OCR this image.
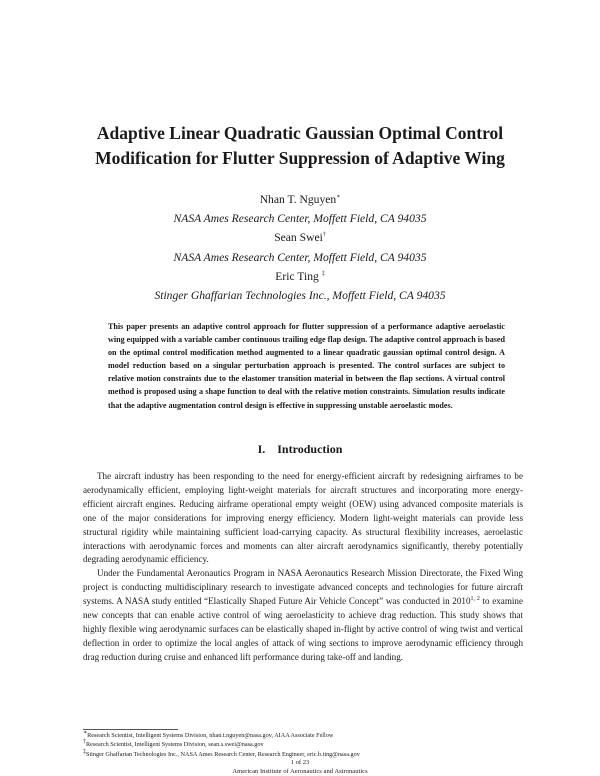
Adaptive Linear Quadratic Gaussian Optimal Control
Modification for Flutter Suppression of Adaptive Wing
Nhan T. Nguyen∗
NASA Ames Research Center, Moffett Field, CA 94035
Sean Swei†
NASA Ames Research Center, Moffett Field, CA 94035
Eric Ting ‡
Stinger Ghaffarian Technologies Inc., Moffett Field, CA 94035
This paper presents an adaptive control approach for flutter suppression of a performance adaptive aeroelastic wing equipped with a variable camber continuous trailing edge flap design. The adaptive control approach is based on the optimal control modification method augmented to a linear quadratic gaussian optimal control design. A model reduction based on a singular perturbation approach is presented. The control surfaces are subject to relative motion constraints due to the elastomer transition material in between the flap sections. A virtual control method is proposed using a shape function to deal with the relative motion constraints. Simulation results indicate that the adaptive augmentation control design is effective in suppressing unstable aeroelastic modes.
I. Introduction

The aircraft industry has been responding to the need for energy-efficient aircraft by redesigning airframes to be aerodynamically efficient, employing light-weight materials for aircraft structures and incorporating more energy-efficient aircraft engines. Reducing airframe operational empty weight (OEW) using advanced composite materials is one of the major considerations for improving energy efficiency. Modern light-weight materials can provide less structural rigidity while maintaining sufficient load-carrying capacity. As structural flexibility increases, aeroelastic interactions with aerodynamic forces and moments can alter aircraft aerodynamics significantly, thereby potentially degrading aerodynamic efficiency.

Under the Fundamental Aeronautics Program in NASA Aeronautics Research Mission Directorate, the Fixed Wing project is conducting multidisciplinary research to investigate advanced concepts and technologies for future aircraft systems. A NASA study entitled “Elastically Shaped Future Air Vehicle Concept” was conducted in 2010$^{1, 2}$ to examine new concepts that can enable active control of wing aeroelasticity to achieve drag reduction. This study shows that highly flexible wing aerodynamic surfaces can be elastically shaped in-flight by active control of wing twist and vertical deflection in order to optimize the local angles of attack of wing sections to improve aerodynamic efficiency through drag reduction during cruise and enhanced lift performance during take-off and landing.

∗Research Scientist, Intelligent Systems Division, nhan.t.nguyen@nasa.gov, AIAA Associate Fellow
†Research Scientist, Intelligent Systems Division, sean.s.swei@nasa.gov
‡Stinger Ghaffarian Technologies Inc., NASA Ames Research Center, Research Engineer, eric.b.ting@nasa.gov
1 of 23
American Institute of Aeronautics and Astronautics
